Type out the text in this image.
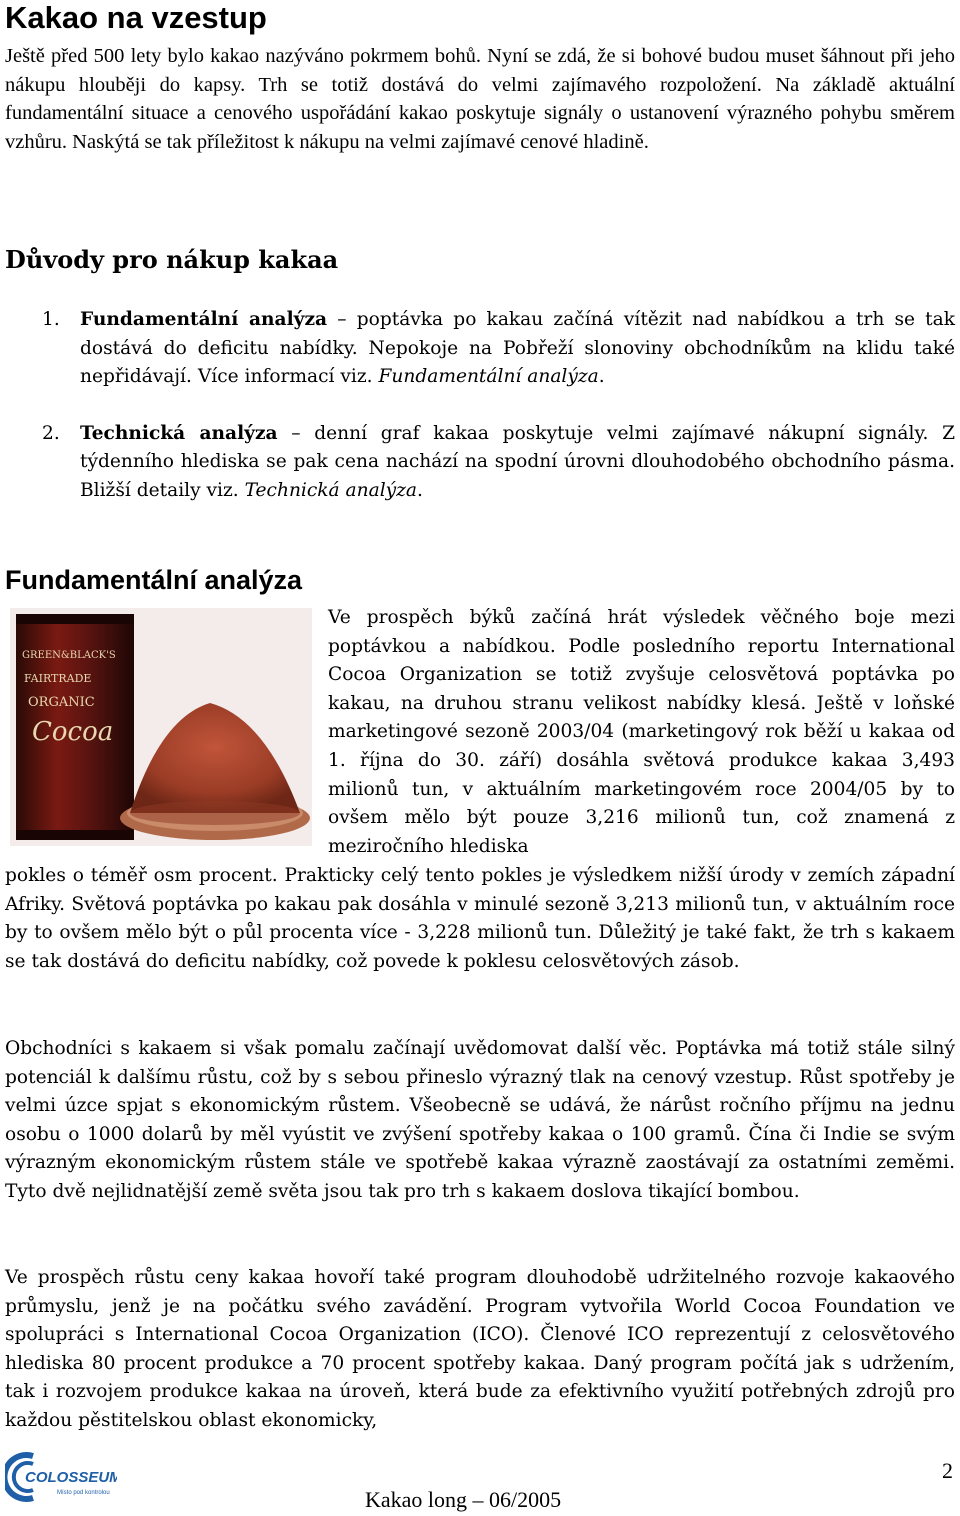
Kakao na vzestup

Ještě před 500 lety bylo kakao nazýváno pokrmem bohů. Nyní se zdá, že si bohové budou muset šáhnout při jeho nákupu hlouběji do kapsy. Trh se totiž dostává do velmi zajímavého rozpoložení. Na základě aktuální fundamentální situace a cenového uspořádání kakao poskytuje signály o ustanovení výrazného pohybu směrem vzhůru. Naskýtá se tak příležitost k nákupu na velmi zajímavé cenové hladině.

Důvody pro nákup kakaa
1. Fundamentální analýza – poptávka po kakau začíná vítězit nad nabídkou a trh se tak dostává do deficitu nabídky. Nepokoje na Pobřeží slonoviny obchodníkům na klidu také nepřidávají. Více informací viz. Fundamentální analýza.
2. Technická analýza – denní graf kakaa poskytuje velmi zajímavé nákupní signály. Z týdenního hlediska se pak cena nachází na spodní úrovni dlouhodobého obchodního pásma. Bližší detaily viz. Technická analýza.
Fundamentální analýza
GREEN&BLACK'S
FAIRTRADE
ORGANIC
Cocoa

Ve prospěch býků začíná hrát výsledek věčného boje mezi poptávkou a nabídkou. Podle posledního reportu International Cocoa Organization se totiž zvyšuje celosvětová poptávka po kakau, na druhou stranu velikost nabídky klesá. Ještě v loňské marketingové sezoně 2003/04 (marketingový rok běží u kakaa od 1. října do 30. září) dosáhla světová produkce kakaa 3,493 milionů tun, v aktuálním marketingovém roce 2004/05 by to ovšem mělo být pouze 3,216 milionů tun, což znamená z meziročního hlediska

pokles o téměř osm procent. Prakticky celý tento pokles je výsledkem nižší úrody v zemích západní Afriky. Světová poptávka po kakau pak dosáhla v minulé sezoně 3,213 milionů tun, v aktuálním roce by to ovšem mělo být o půl procenta více - 3,228 milionů tun. Důležitý je také fakt, že trh s kakaem se tak dostává do deficitu nabídky, což povede k poklesu celosvětových zásob.

Obchodníci s kakaem si však pomalu začínají uvědomovat další věc. Poptávka má totiž stále silný potenciál k dalšímu růstu, což by s sebou přineslo výrazný tlak na cenový vzestup. Růst spotřeby je velmi úzce spjat s ekonomickým růstem. Všeobecně se udává, že nárůst ročního příjmu na jednu osobu o 1000 dolarů by měl vyústit ve zvýšení spotřeby kakaa o 100 gramů. Čína či Indie se svým výrazným ekonomickým růstem stále ve spotřebě kakaa výrazně zaostávají za ostatními zeměmi. Tyto dvě nejlidnatější země světa jsou tak pro trh s kakaem doslova tikající bombou.

Ve prospěch růstu ceny kakaa hovoří také program dlouhodobě udržitelného rozvoje kakaového průmyslu, jenž je na počátku svého zavádění. Program vytvořila World Cocoa Foundation ve spolupráci s International Cocoa Organization (ICO). Členové ICO reprezentují z celosvětového hlediska 80 procent produkce a 70 procent spotřeby kakaa. Daný program počítá jak s udržením, tak i rozvojem produkce kakaa na úroveň, která bude za efektivního využití potřebných zdrojů pro každou pěstitelskou oblast ekonomicky,

COLOSSEUM
Místo pod kontrolou
2
Kakao long – 06/2005
